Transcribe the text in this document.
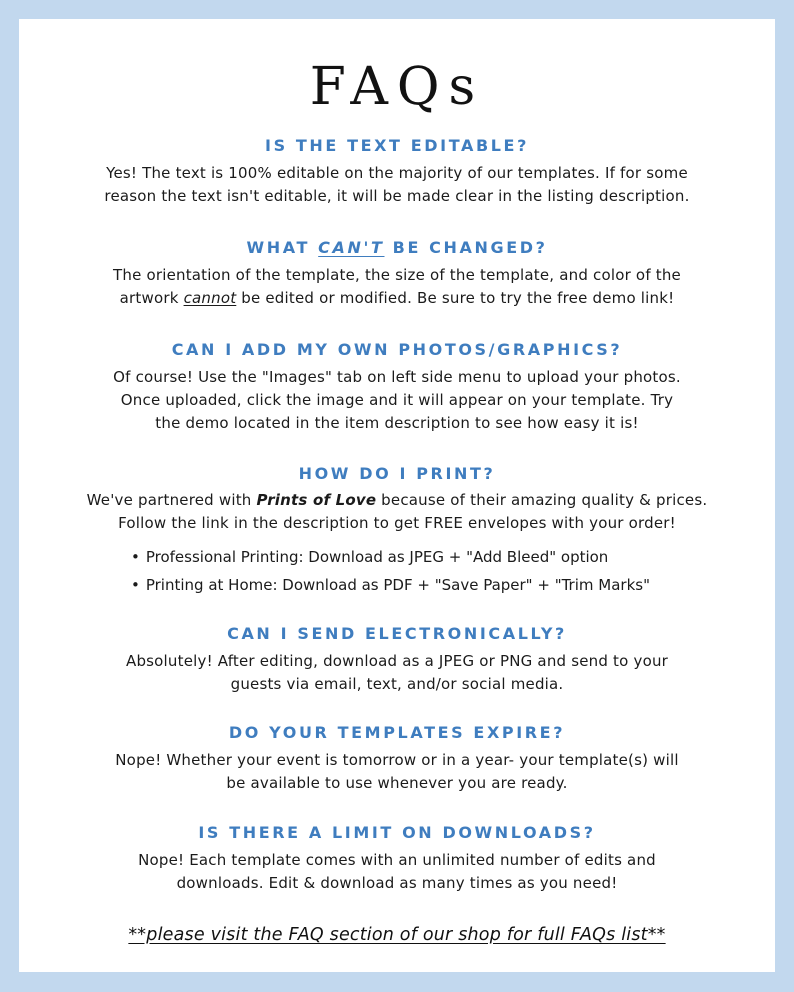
FAQs
IS THE TEXT EDITABLE?

Yes! The text is 100% editable on the majority of our templates. If for some
reason the text isn't editable, it will be made clear in the listing description.

WHAT CAN'T BE CHANGED?

The orientation of the template, the size of the template, and color of the
artwork cannot be edited or modified. Be sure to try the free demo link!

CAN I ADD MY OWN PHOTOS/GRAPHICS?

Of course! Use the "Images" tab on left side menu to upload your photos.
Once uploaded, click the image and it will appear on your template. Try
the demo located in the item description to see how easy it is!

HOW DO I PRINT?

We've partnered with Prints of Love because of their amazing quality & prices.
Follow the link in the description to get FREE envelopes with your order!

• Professional Printing: Download as JPEG + "Add Bleed" option
• Printing at Home: Download as PDF + "Save Paper" + "Trim Marks"
CAN I SEND ELECTRONICALLY?

Absolutely! After editing, download as a JPEG or PNG and send to your
guests via email, text, and/or social media.

DO YOUR TEMPLATES EXPIRE?

Nope! Whether your event is tomorrow or in a year- your template(s) will
be available to use whenever you are ready.

IS THERE A LIMIT ON DOWNLOADS?

Nope! Each template comes with an unlimited number of edits and
downloads. Edit & download as many times as you need!

**please visit the FAQ section of our shop for full FAQs list**
